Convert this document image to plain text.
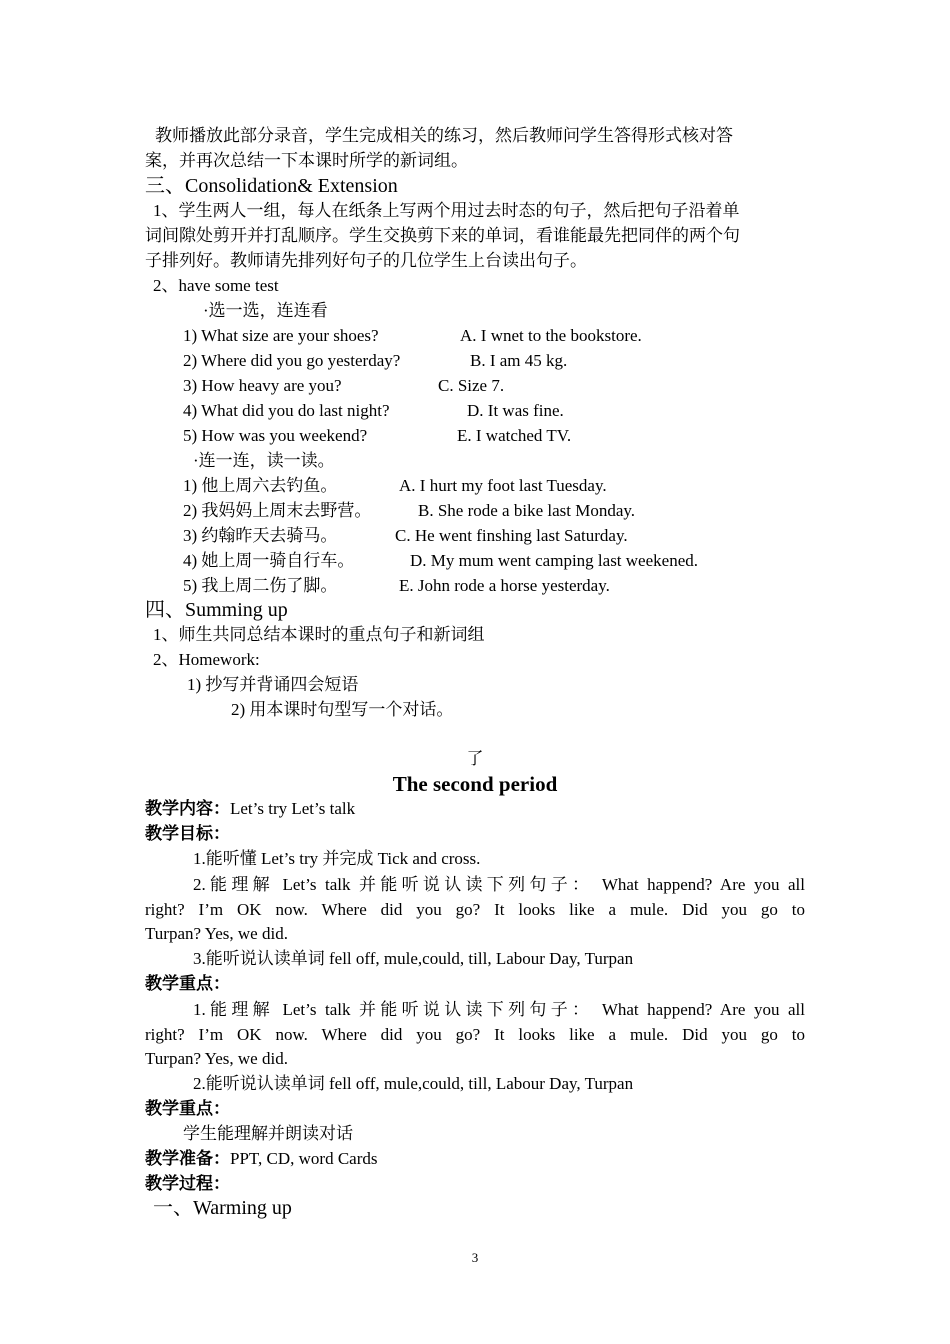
教师播放此部分录音，学生完成相关的练习，然后教师问学生答得形式核对答
案，并再次总结一下本课时所学的新词组。
三、Consolidation& Extension
1、学生两人一组，每人在纸条上写两个用过去时态的句子，然后把句子沿着单
词间隙处剪开并打乱顺序。学生交换剪下来的单词，看谁能最先把同伴的两个句
子排列好。教师请先排列好句子的几位学生上台读出句子。
2、have some test
·选一选，连连看
1) What size are your shoes?	A. I wnet to the bookstore.
2) Where did you go yesterday?	B. I am 45 kg.
3) How heavy are you?	C. Size 7.
4) What did you do last night?	D. It was fine.
5) How was you weekend?	E. I watched TV.
·连一连，读一读。
1) 他上周六去钓鱼。	A. I hurt my foot last Tuesday.
2) 我妈妈上周末去野营。	B. She rode a bike last Monday.
3) 约翰昨天去骑马。	C. He went finshing last Saturday.
4) 她上周一骑自行车。	D. My mum went camping last weekened.
5) 我上周二伤了脚。	E. John rode a horse yesterday.
四、Summing up
1、师生共同总结本课时的重点句子和新词组
2、Homework:
1) 抄写并背诵四会短语
2) 用本课时句型写一个对话。
了
The second period
教学内容：Let’s try Let’s talk
教学目标：
1.能听懂 Let’s try 并完成 Tick and cross.
2.能理解 Let’s talk 并能听说认读下列句子： What happend? Are you all
right? I’m OK now. Where did you go? It looks like a mule. Did you go to
Turpan? Yes, we did.
3.能听说认读单词 fell off, mule,could, till, Labour Day, Turpan
教学重点：
1.能理解 Let’s talk 并能听说认读下列句子： What happend? Are you all
right? I’m OK now. Where did you go? It looks like a mule. Did you go to
Turpan? Yes, we did.
2.能听说认读单词 fell off, mule,could, till, Labour Day, Turpan
教学重点：
学生能理解并朗读对话
教学准备：PPT, CD, word Cards
教学过程：
一、Warming up
3
